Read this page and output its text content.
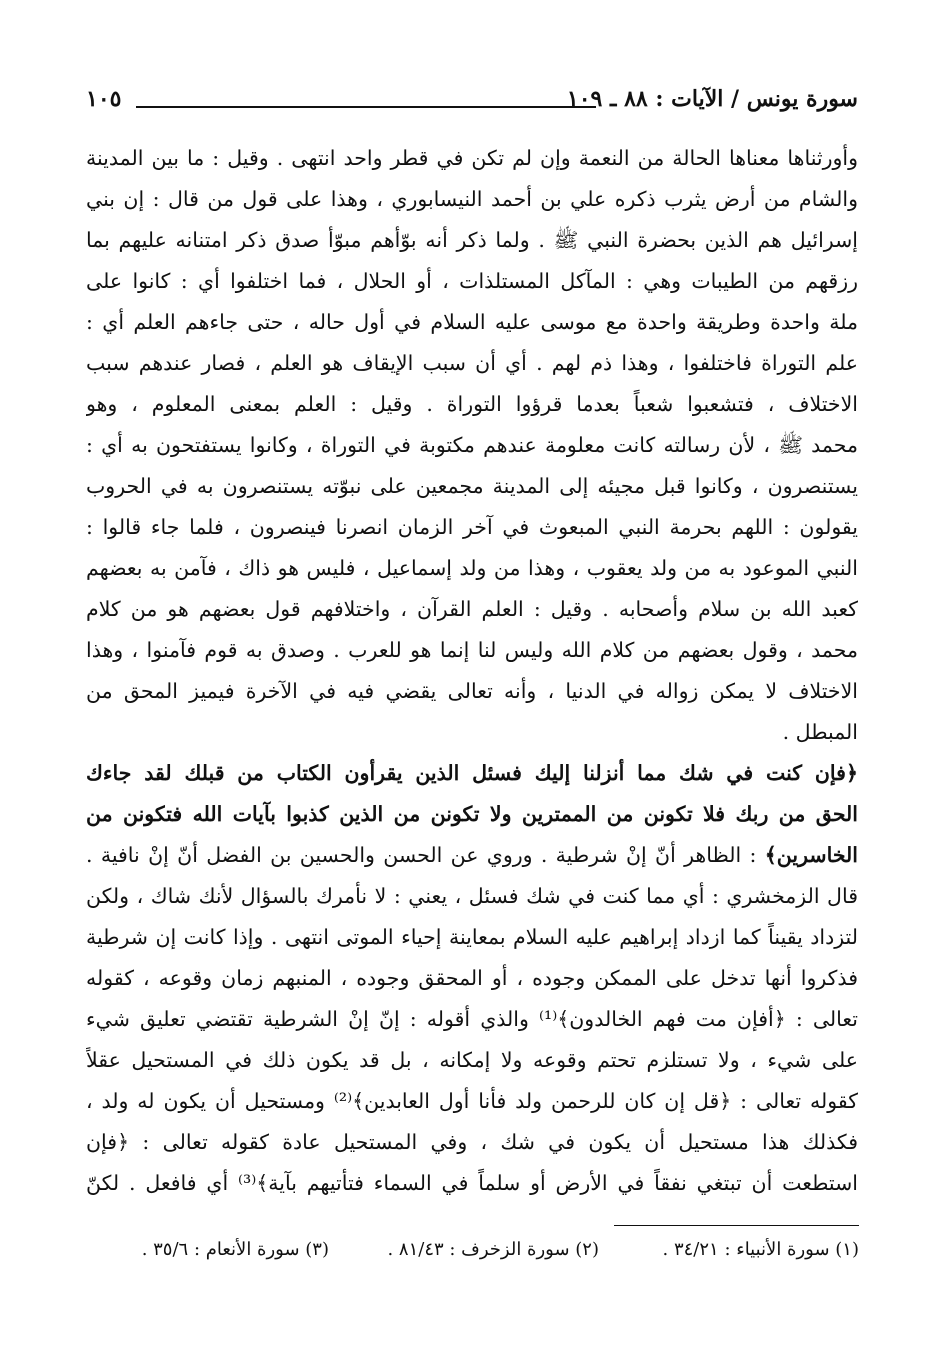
سورة يونس / الآيات : ٨٨ ـ ١٠٩
١٠٥
وأورثناها معناها الحالة من النعمة وإن لم تكن في قطر واحد انتهى . وقيل : ما بين المدينة
والشام من أرض يثرب ذكره علي بن أحمد النيسابوري ، وهذا على قول من قال : إن بني
إسرائيل هم الذين بحضرة النبي ﷺ . ولما ذكر أنه بوّأهم مبوّأ صدق ذكر امتنانه عليهم بما
رزقهم من الطيبات وهي : المآكل المستلذات ، أو الحلال ، فما اختلفوا أي : كانوا على
ملة واحدة وطريقة واحدة مع موسى عليه السلام في أول حاله ، حتى جاءهم العلم أي :
علم التوراة فاختلفوا ، وهذا ذم لهم . أي أن سبب الإيقاف هو العلم ، فصار عندهم سبب
الاختلاف ، فتشعبوا شعباً بعدما قرؤوا التوراة . وقيل : العلم بمعنى المعلوم ، وهو
محمد ﷺ ، لأن رسالته كانت معلومة عندهم مكتوبة في التوراة ، وكانوا يستفتحون به أي :
يستنصرون ، وكانوا قبل مجيئه إلى المدينة مجمعين على نبوّته يستنصرون به في الحروب
يقولون : اللهم بحرمة النبي المبعوث في آخر الزمان انصرنا فينصرون ، فلما جاء قالوا :
النبي الموعود به من ولد يعقوب ، وهذا من ولد إسماعيل ، فليس هو ذاك ، فآمن به بعضهم
كعبد الله بن سلام وأصحابه . وقيل : العلم القرآن ، واختلافهم قول بعضهم هو من كلام
محمد ، وقول بعضهم من كلام الله وليس لنا إنما هو للعرب . وصدق به قوم فآمنوا ، وهذا
الاختلاف لا يمكن زواله في الدنيا ، وأنه تعالى يقضي فيه في الآخرة فيميز المحق من
المبطل .
﴿فإن كنت في شك مما أنزلنا إليك فسئل الذين يقرأون الكتاب من قبلك لقد جاءك
الحق من ربك فلا تكونن من الممترين ولا تكونن من الذين كذبوا بآيات الله فتكونن من
الخاسرين﴾ : الظاهر أنّ إنْ شرطية . وروي عن الحسن والحسين بن الفضل أنّ إنْ نافية .
قال الزمخشري : أي مما كنت في شك فسئل ، يعني : لا نأمرك بالسؤال لأنك شاك ، ولكن
لتزداد يقيناً كما ازداد إبراهيم عليه السلام بمعاينة إحياء الموتى انتهى . وإذا كانت إن شرطية
فذكروا أنها تدخل على الممكن وجوده ، أو المحقق وجوده ، المنبهم زمان وقوعه ، كقوله
تعالى : ﴿أفإن مت فهم الخالدون﴾⁽¹⁾ والذي أقوله : إنّ إنْ الشرطية تقتضي تعليق شيء
على شيء ، ولا تستلزم تحتم وقوعه ولا إمكانه ، بل قد يكون ذلك في المستحيل عقلاً
كقوله تعالى : ﴿قل إن كان للرحمن ولد فأنا أول العابدين﴾⁽²⁾ ومستحيل أن يكون له ولد ،
فكذلك هذا مستحيل أن يكون في شك ، وفي المستحيل عادة كقوله تعالى : ﴿فإن
استطعت أن تبتغي نفقاً في الأرض أو سلماً في السماء فتأتيهم بآية﴾⁽³⁾ أي فافعل . لكنّ
(١) سورة الأنبياء : ٣٤/٢١ .
(٢) سورة الزخرف : ٨١/٤٣ .
(٣) سورة الأنعام : ٣٥/٦ .
